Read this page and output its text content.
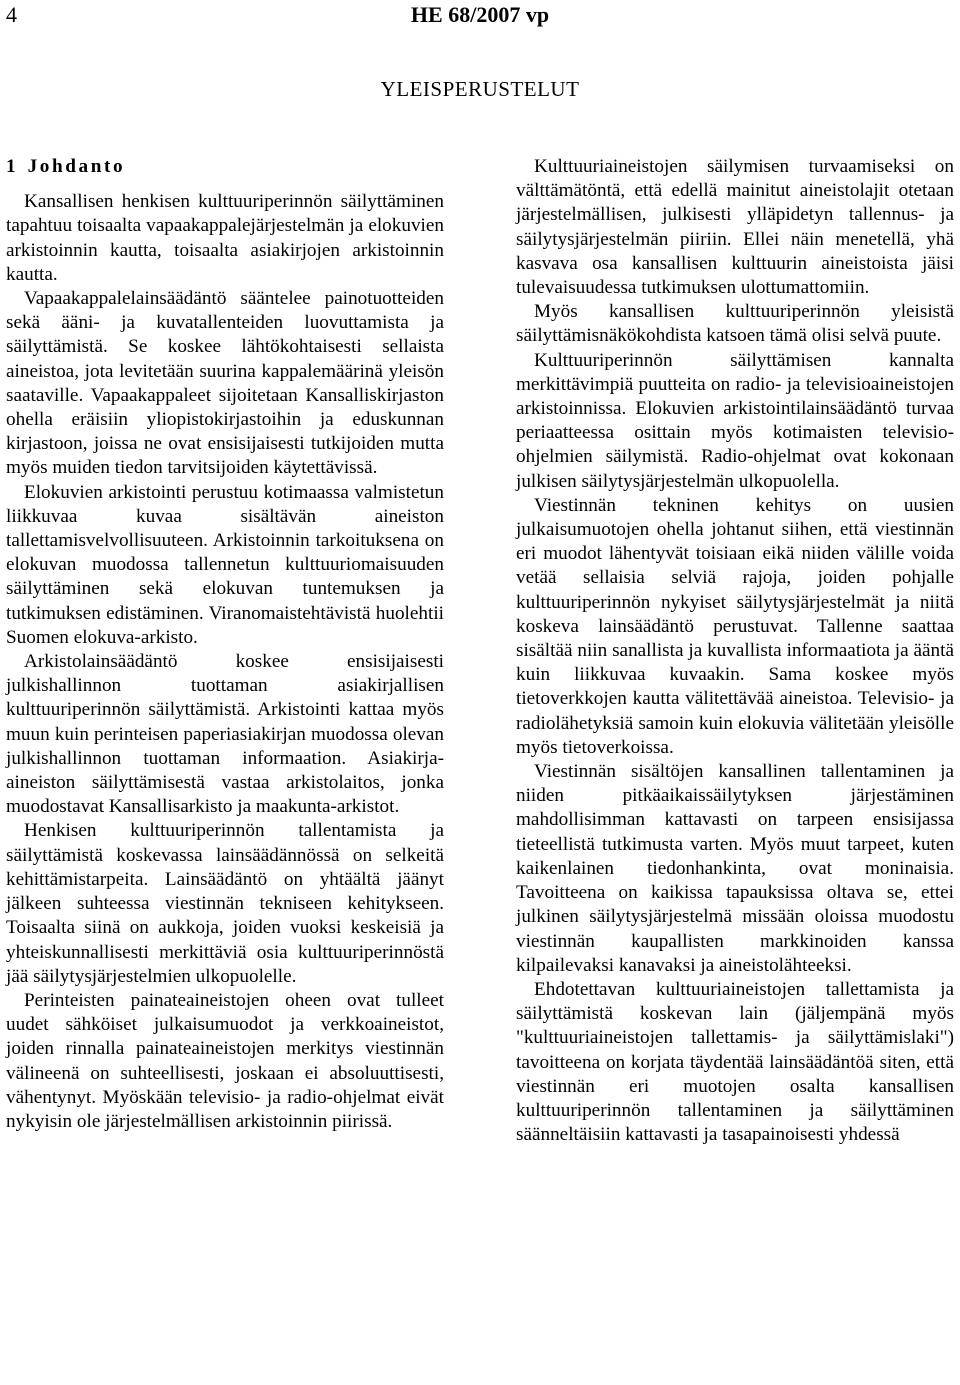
4	HE 68/2007 vp
YLEISPERUSTELUT
1 Johdanto

Kansallisen henkisen kulttuuriperinnön säilyttäminen tapahtuu toisaalta vapaakappalejärjestelmän ja elokuvien arkistoinnin kautta, toisaalta asiakirjojen arkistoinnin kautta.

Vapaakappalelainsäädäntö sääntelee painotuotteiden sekä ääni- ja kuvatallenteiden luovuttamista ja säilyttämistä. Se koskee lähtökohtaisesti sellaista aineistoa, jota levitetään suurina kappalemäärinä yleisön saataville. Vapaakappaleet sijoitetaan Kansalliskirjaston ohella eräisiin yliopistokirjastoihin ja eduskunnan kirjastoon, joissa ne ovat ensisijaisesti tutkijoiden mutta myös muiden tiedon tarvitsijoiden käytettävissä.

Elokuvien arkistointi perustuu kotimaassa valmistetun liikkuvaa kuvaa sisältävän aineiston tallettamisvelvollisuuteen. Arkistoinnin tarkoituksena on elokuvan muodossa tallennetun kulttuuriomaisuuden säilyttäminen sekä elokuvan tuntemuksen ja tutkimuksen edistäminen. Viranomaistehtävistä huolehtii Suomen elokuva-arkisto.

Arkistolainsäädäntö koskee ensisijaisesti julkishallinnon tuottaman asiakirjallisen kulttuuriperinnön säilyttämistä. Arkistointi kattaa myös muun kuin perinteisen paperiasiakirjan muodossa olevan julkishallinnon tuottaman informaation. Asiakirja-aineiston säilyttämisestä vastaa arkistolaitos, jonka muodostavat Kansallisarkisto ja maakunta-arkistot.

Henkisen kulttuuriperinnön tallentamista ja säilyttämistä koskevassa lainsäädännössä on selkeitä kehittämistarpeita. Lainsäädäntö on yhtäältä jäänyt jälkeen suhteessa viestinnän tekniseen kehitykseen. Toisaalta siinä on aukkoja, joiden vuoksi keskeisiä ja yhteiskunnallisesti merkittäviä osia kulttuuriperinnöstä jää säilytysjärjestelmien ulkopuolelle.

Perinteisten painateaineistojen oheen ovat tulleet uudet sähköiset julkaisumuodot ja verkkoaineistot, joiden rinnalla painateaineistojen merkitys viestinnän välineenä on suhteellisesti, joskaan ei absoluuttisesti, vähentynyt. Myöskään televisio- ja radio-ohjelmat eivät nykyisin ole järjestelmällisen arkistoinnin piirissä.

Kulttuuriaineistojen säilymisen turvaamiseksi on välttämätöntä, että edellä mainitut aineistolajit otetaan järjestelmällisen, julkisesti ylläpidetyn tallennus- ja säilytysjärjestelmän piiriin. Ellei näin menetellä, yhä kasvava osa kansallisen kulttuurin aineistoista jäisi tulevaisuudessa tutkimuksen ulottumattomiin.

Myös kansallisen kulttuuriperinnön yleisistä säilyttämisnäkökohdista katsoen tämä olisi selvä puute.

Kulttuuriperinnön säilyttämisen kannalta merkittävimpiä puutteita on radio- ja televisioaineistojen arkistoinnissa. Elokuvien arkistointilainsäädäntö turvaa periaatteessa osittain myös kotimaisten televisio-ohjelmien säilymistä. Radio-ohjelmat ovat kokonaan julkisen säilytysjärjestelmän ulkopuolella.

Viestinnän tekninen kehitys on uusien julkaisumuotojen ohella johtanut siihen, että viestinnän eri muodot lähentyvät toisiaan eikä niiden välille voida vetää sellaisia selviä rajoja, joiden pohjalle kulttuuriperinnön nykyiset säilytysjärjestelmät ja niitä koskeva lainsäädäntö perustuvat. Tallenne saattaa sisältää niin sanallista ja kuvallista informaatiota ja ääntä kuin liikkuvaa kuvaakin. Sama koskee myös tietoverkkojen kautta välitettävää aineistoa. Televisio- ja radiolähetyksiä samoin kuin elokuvia välitetään yleisölle myös tietoverkoissa.

Viestinnän sisältöjen kansallinen tallentaminen ja niiden pitkäaikaissäilytyksen järjestäminen mahdollisimman kattavasti on tarpeen ensisijassa tieteellistä tutkimusta varten. Myös muut tarpeet, kuten kaikenlainen tiedonhankinta, ovat moninaisia. Tavoitteena on kaikissa tapauksissa oltava se, ettei julkinen säilytysjärjestelmä missään oloissa muodostu viestinnän kaupallisten markkinoiden kanssa kilpailevaksi kanavaksi ja aineistolähteeksi.

Ehdotettavan kulttuuriaineistojen tallettamista ja säilyttämistä koskevan lain (jäljempänä myös "kulttuuriaineistojen tallettamis- ja säilyttämislaki") tavoitteena on korjata täydentää lainsäädäntöä siten, että viestinnän eri muotojen osalta kansallisen kulttuuriperinnön tallentaminen ja säilyttäminen säänneltäisiin kattavasti ja tasapainoisesti yhdessä
